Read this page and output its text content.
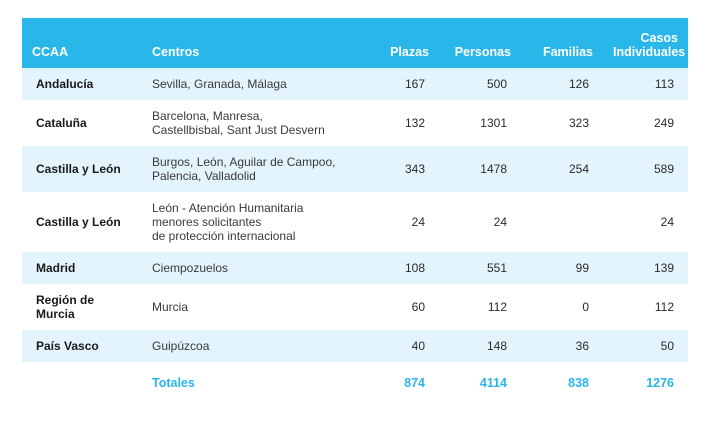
CCAA	Centros	Plazas	Personas	Familias	Casos
Individuales

Andalucía	Sevilla, Granada, Málaga	167	500	126	113
Cataluña	Barcelona, Manresa,
Castellbisbal, Sant Just Desvern	132	1301	323	249
Castilla y León	Burgos, León, Aguilar de Campoo,
Palencia, Valladolid	343	1478	254	589
Castilla y León	León - Atención Humanitaria
menores solicitantes
de protección internacional	24	24		24
Madrid	Ciempozuelos	108	551	99	139
Región de Murcia	Murcia	60	112	0	112
País Vasco	Guipúzcoa	40	148	36	50
	Totales	874	4114	838	1276
